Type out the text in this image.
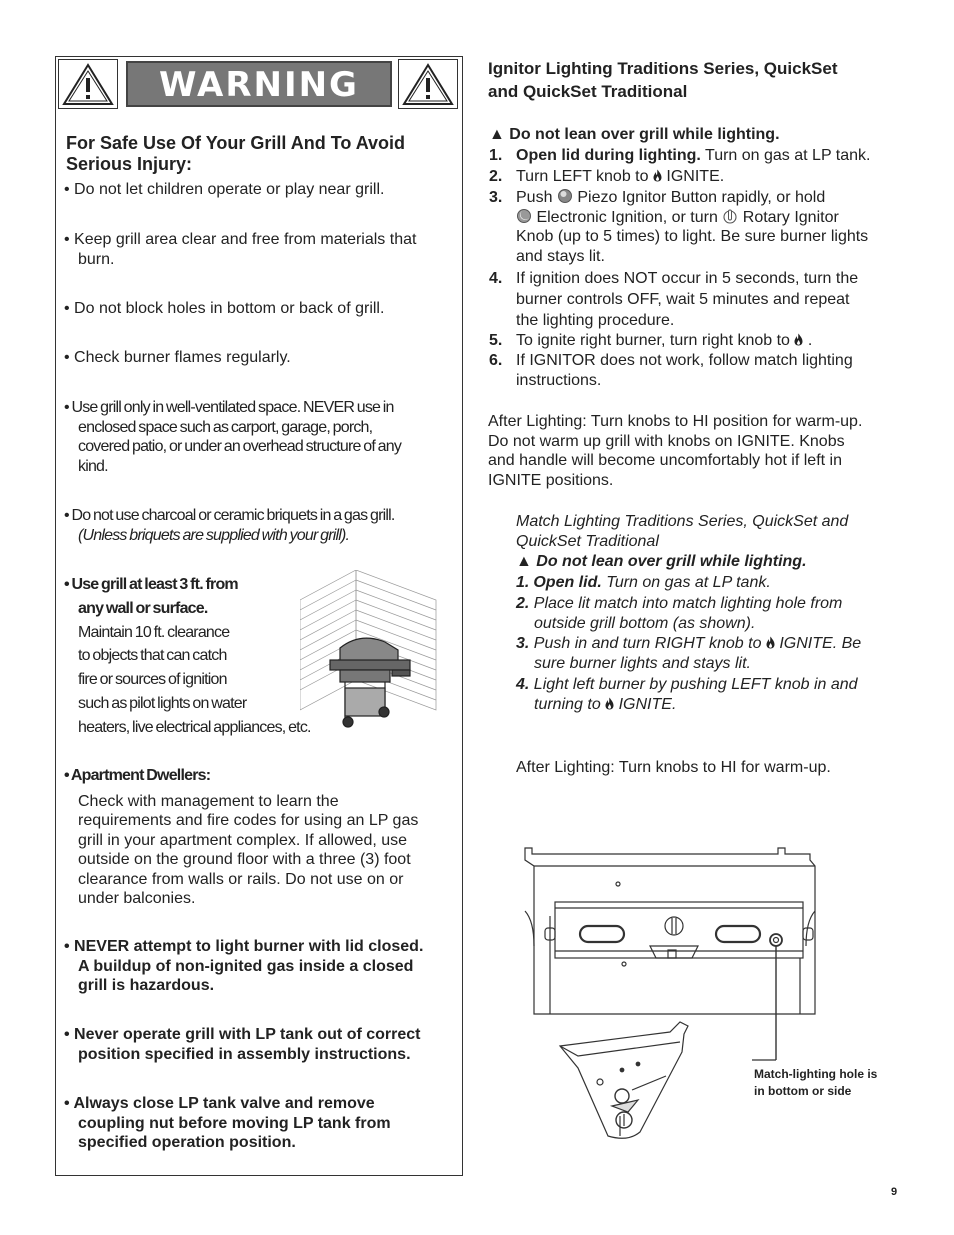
WARNING
For Safe Use Of Your Grill And To Avoid
Serious Injury:
• Do not let children operate or play near grill.
• Keep grill area clear and free from materials that
burn.
• Do not block holes in bottom or back of grill.
• Check burner flames regularly.
• Use grill only in well-ventilated space. NEVER use in
enclosed space such as carport, garage, porch,
covered patio, or under an overhead structure of any
kind.
• Do not use charcoal or ceramic briquets in a gas grill.
(Unless briquets are supplied with your grill).
• Use grill at least 3 ft. from
any wall or surface.
Maintain 10 ft. clearance
to objects that can catch
fire or sources of ignition
such as pilot lights on water
heaters, live electrical appliances, etc.
• Apartment Dwellers:
Check with management to learn the
requirements and fire codes for using an LP gas
grill in your apartment complex. If allowed, use
outside on the ground floor with a three (3) foot
clearance from walls or rails. Do not use on or
under balconies.
• NEVER attempt to light burner with lid closed.
A buildup of non-ignited gas inside a closed
grill is hazardous.
• Never operate grill with LP tank out of correct
position specified in assembly instructions.
• Always close LP tank valve and remove
coupling nut before moving LP tank from
specified operation position.
Ignitor Lighting Traditions Series, QuickSet
and QuickSet Traditional
▲ Do not lean over grill while lighting.
1. Open lid during lighting. Turn on gas at LP tank.
2. Turn LEFT knob to  IGNITE.
3. Push  Piezo Ignitor Button rapidly, or hold
Electronic Ignition, or turn  Rotary Ignitor
Knob (up to 5 times) to light. Be sure burner lights
and stays lit.
4. If ignition does NOT occur in 5 seconds, turn the
burner controls OFF, wait 5 minutes and repeat
the lighting procedure.
5. To ignite right burner, turn right knob to  .
6. If IGNITOR does not work, follow match lighting
instructions.
After Lighting: Turn knobs to HI position for warm-up.
Do not warm up grill with knobs on IGNITE. Knobs
and handle will become uncomfortably hot if left in
IGNITE positions.
Match Lighting Traditions Series, QuickSet and
QuickSet Traditional
▲ Do not lean over grill while lighting.
1. Open lid. Turn on gas at LP tank.
2. Place lit match into match lighting hole from
outside grill bottom (as shown).
3. Push in and turn RIGHT knob to  IGNITE. Be
sure burner lights and stays lit.
4. Light left burner by pushing LEFT knob in and
turning to  IGNITE.
After Lighting: Turn knobs to HI for warm-up.
Match-lighting hole is
in bottom or side
9
